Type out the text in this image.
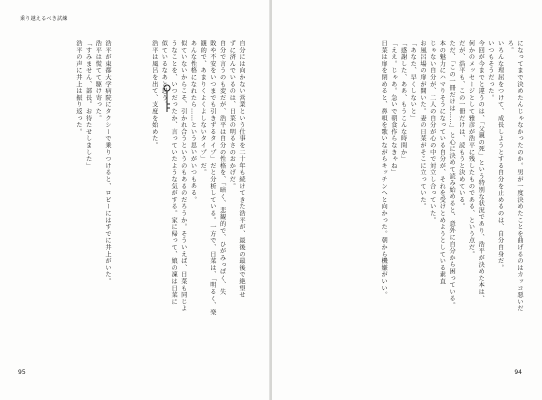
乗り越えるべき試練
自分には向かない営業という仕事を二十年も続けてきた浩平が、最後の最後で絶望せ
ずに済んでいるのは、日菜の明るさのおかげだ。
自分で言うのも変だが、浩平は自分の性格を、「暗く、悲観的で、ひがみっぽく、失
敗や不安をいつまでも引きずるタイプ」だと分析している。一方で、日菜は、「明るく、楽
観的で、あまりくよくよしないタイプ」だ。
あんな性格になれたら……という思いがいつもある。
似ていないからこそ、引かれ合うというのもあるのだろうか。そういえば、日菜も同じよ
うなことを、いつだったか、言っていたような気がする。家に帰って、娘の凜は日菜に
似ているなあと思う。
浩平は風呂を出て、支度を始めた。
浩平が東都大学病院にタクシーで乗りつけると、ロビーにはすでに井上がいた。
浩平は慌てて駆け寄った。
「すみません、部長。お待たせしました」
浩平の声に井上は振り返った。
95
になってまで決めたんじゃなかったのか。男が一度決めたことを曲げるのはカッコ悪いだ
ろ。
いろんな理屈をつけて、成長しようとする自分を止めるのは、自分自身だ。
いつもそうだった。
今回が今までと違うのは、「父親の死」という特別な状況であり、浩平が決めた本は、
何かのメッセージとして雅彦が浩平に残したものである、という点だ。
だが、浩平も、この一冊だけは、読もうと決めている。
ただ、「この一冊だけは……」と心に決めて読み始めると、意外に自分から困っている。
本の魅力にハマりそうになっている自分が、それを受けとめようとしている素直
じゃない自分が、二人の自分が心の中で対立し合っていた。
お風呂場の扉が開いた。妻の日菜がそこに立っていた。
「あなた、早くしないと」
「感謝した、ああ、もうこんな時間か」
「ええ。じゃあ。急いで朝食作らなきゃね」
日菜は扉を閉めると、鼻唄を歌いながらキッチンへと向かった。朝から機嫌がいい。
94
